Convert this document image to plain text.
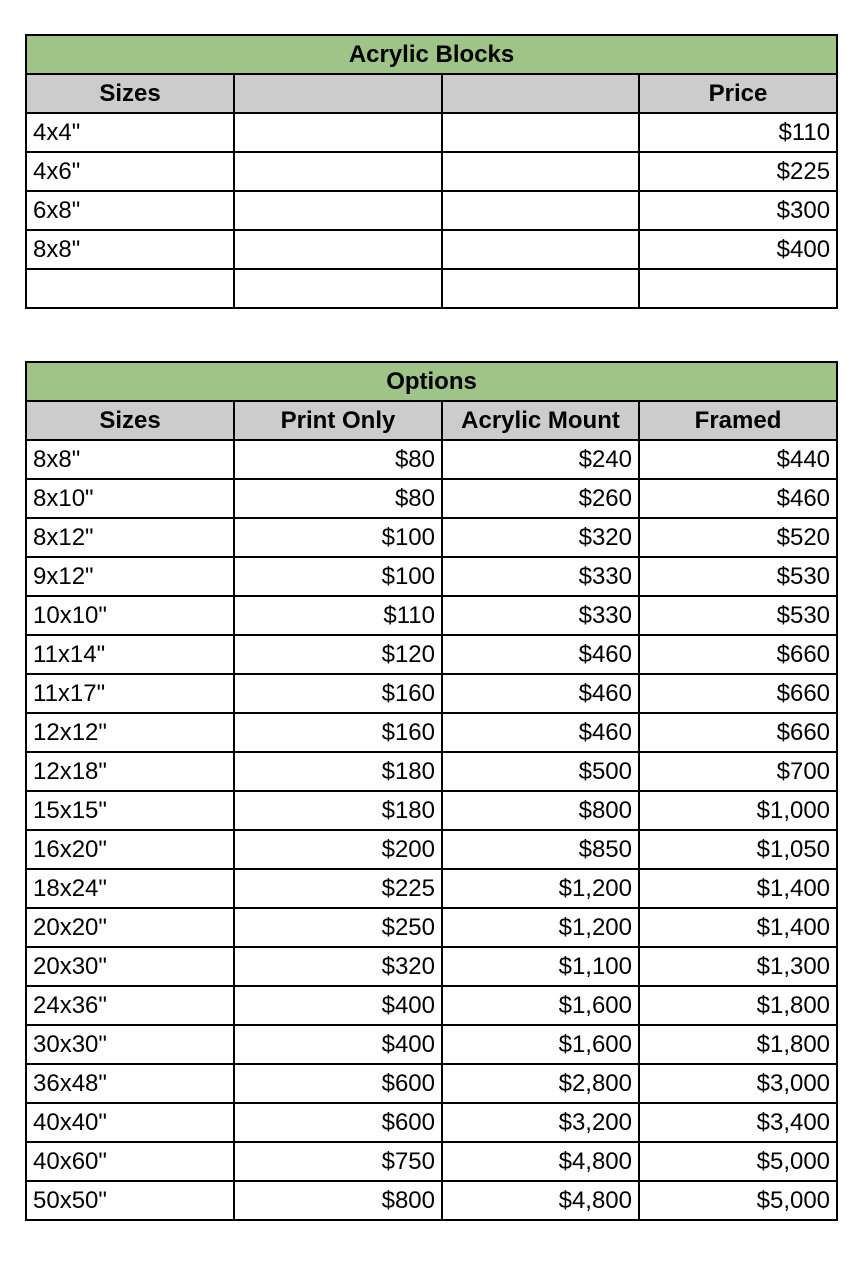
Acrylic Blocks			
Sizes			Price
4x4"			$110
4x6"			$225
6x8"			$300
8x8"			$400

Options			
Sizes	Print Only	Acrylic Mount	Framed
8x8"	$80	$240	$440
8x10"	$80	$260	$460
8x12"	$100	$320	$520
9x12"	$100	$330	$530
10x10"	$110	$330	$530
11x14"	$120	$460	$660
11x17"	$160	$460	$660
12x12"	$160	$460	$660
12x18"	$180	$500	$700
15x15"	$180	$800	$1,000
16x20"	$200	$850	$1,050
18x24"	$225	$1,200	$1,400
20x20"	$250	$1,200	$1,400
20x30"	$320	$1,100	$1,300
24x36"	$400	$1,600	$1,800
30x30"	$400	$1,600	$1,800
36x48"	$600	$2,800	$3,000
40x40"	$600	$3,200	$3,400
40x60"	$750	$4,800	$5,000
50x50"	$800	$4,800	$5,000
